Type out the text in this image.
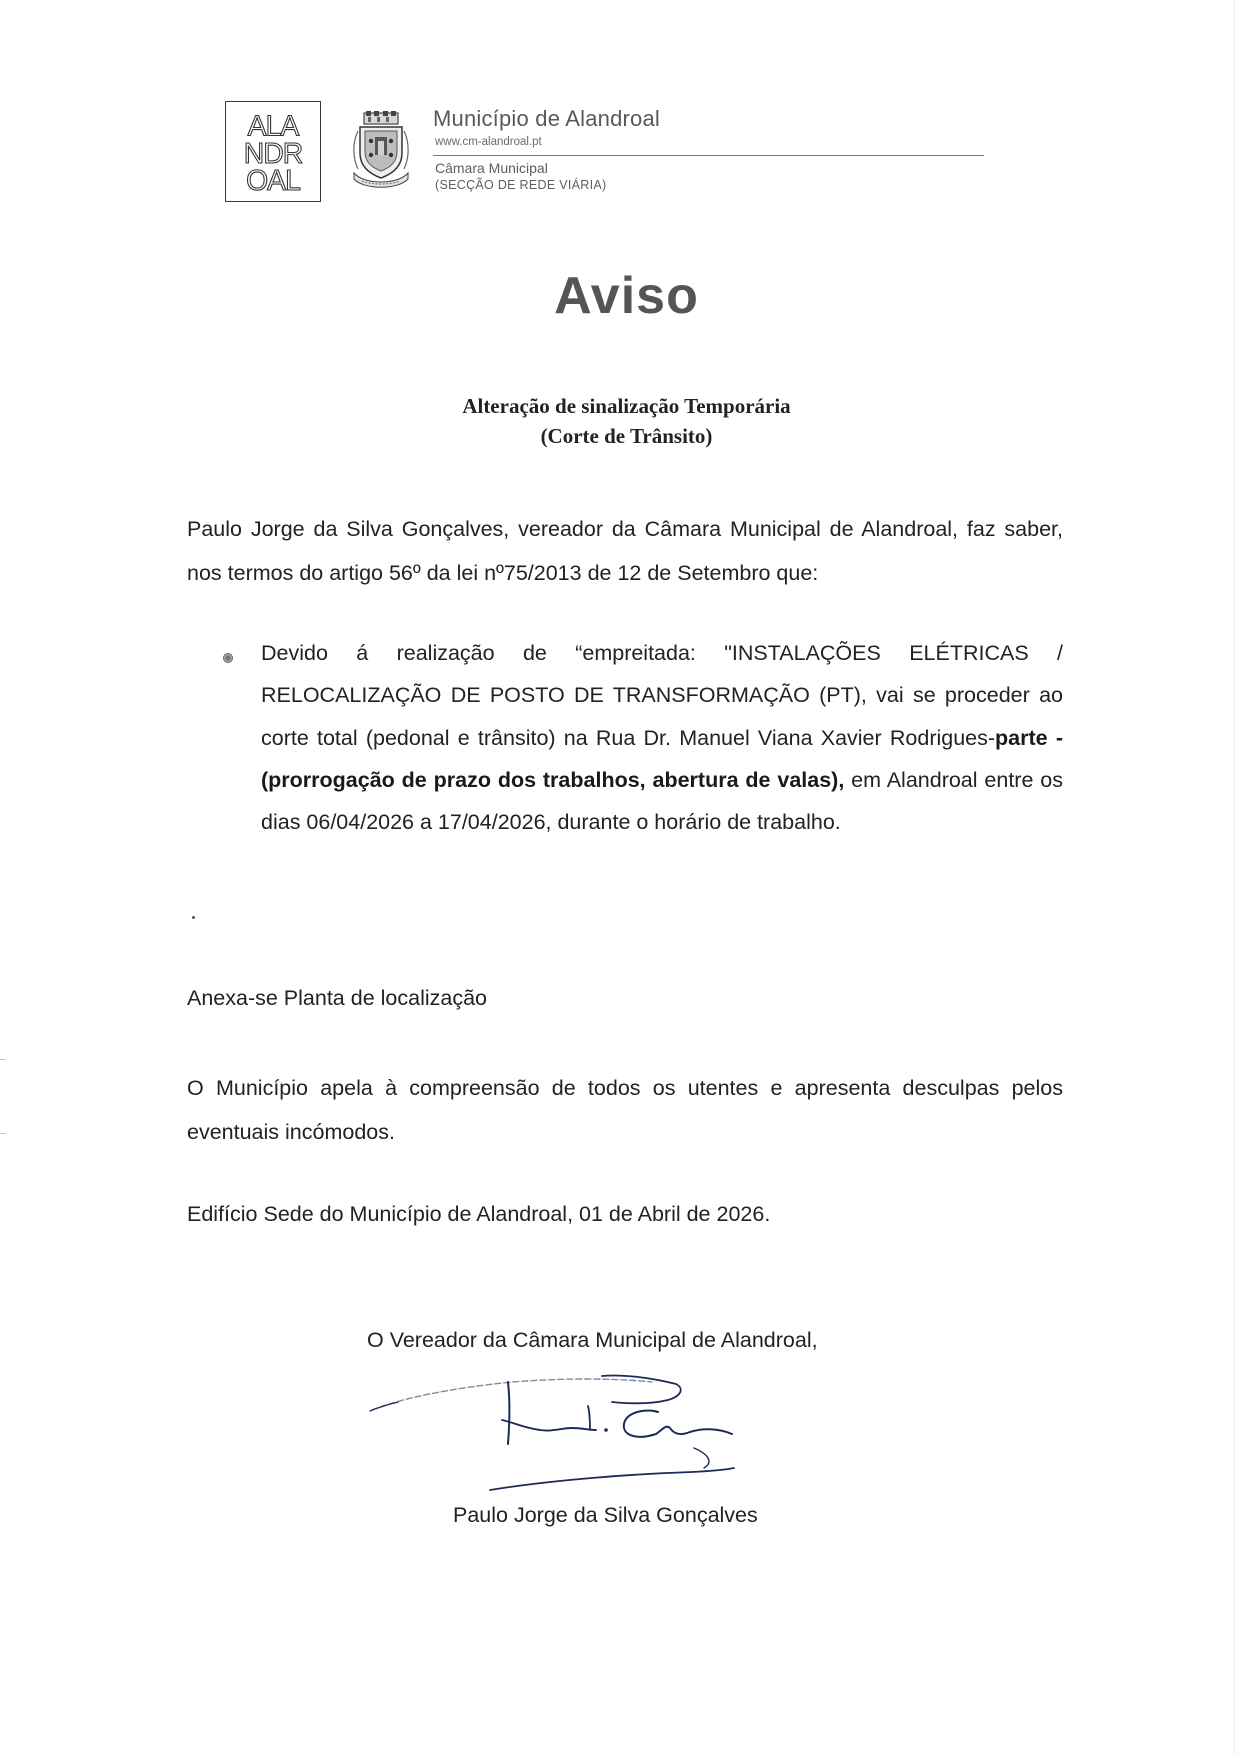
ALA
NDR
OAL
Município de Alandroal
www.cm-alandroal.pt
Câmara Municipal
(SECÇÃO DE REDE VIÁRIA)
Aviso
Alteração de sinalização Temporária
(Corte de Trânsito)
Paulo Jorge da Silva Gonçalves, vereador da Câmara Municipal de Alandroal, faz saber, nos termos do artigo 56º da lei nº75/2013 de 12 de Setembro que:
Devido á realização de “empreitada: "INSTALAÇÕES ELÉTRICAS / RELOCALIZAÇÃO DE POSTO DE TRANSFORMAÇÃO (PT), vai se proceder ao corte total (pedonal e trânsito) na Rua Dr. Manuel Viana Xavier Rodrigues-parte - (prorrogação de prazo dos trabalhos, abertura de valas), em Alandroal entre os dias 06/04/2026 a 17/04/2026, durante o horário de trabalho.
Anexa-se Planta de localização
O Município apela à compreensão de todos os utentes e apresenta desculpas pelos eventuais incómodos.
Edifício Sede do Município de Alandroal, 01 de Abril de 2026.
O Vereador da Câmara Municipal de Alandroal,
Paulo Jorge da Silva Gonçalves
